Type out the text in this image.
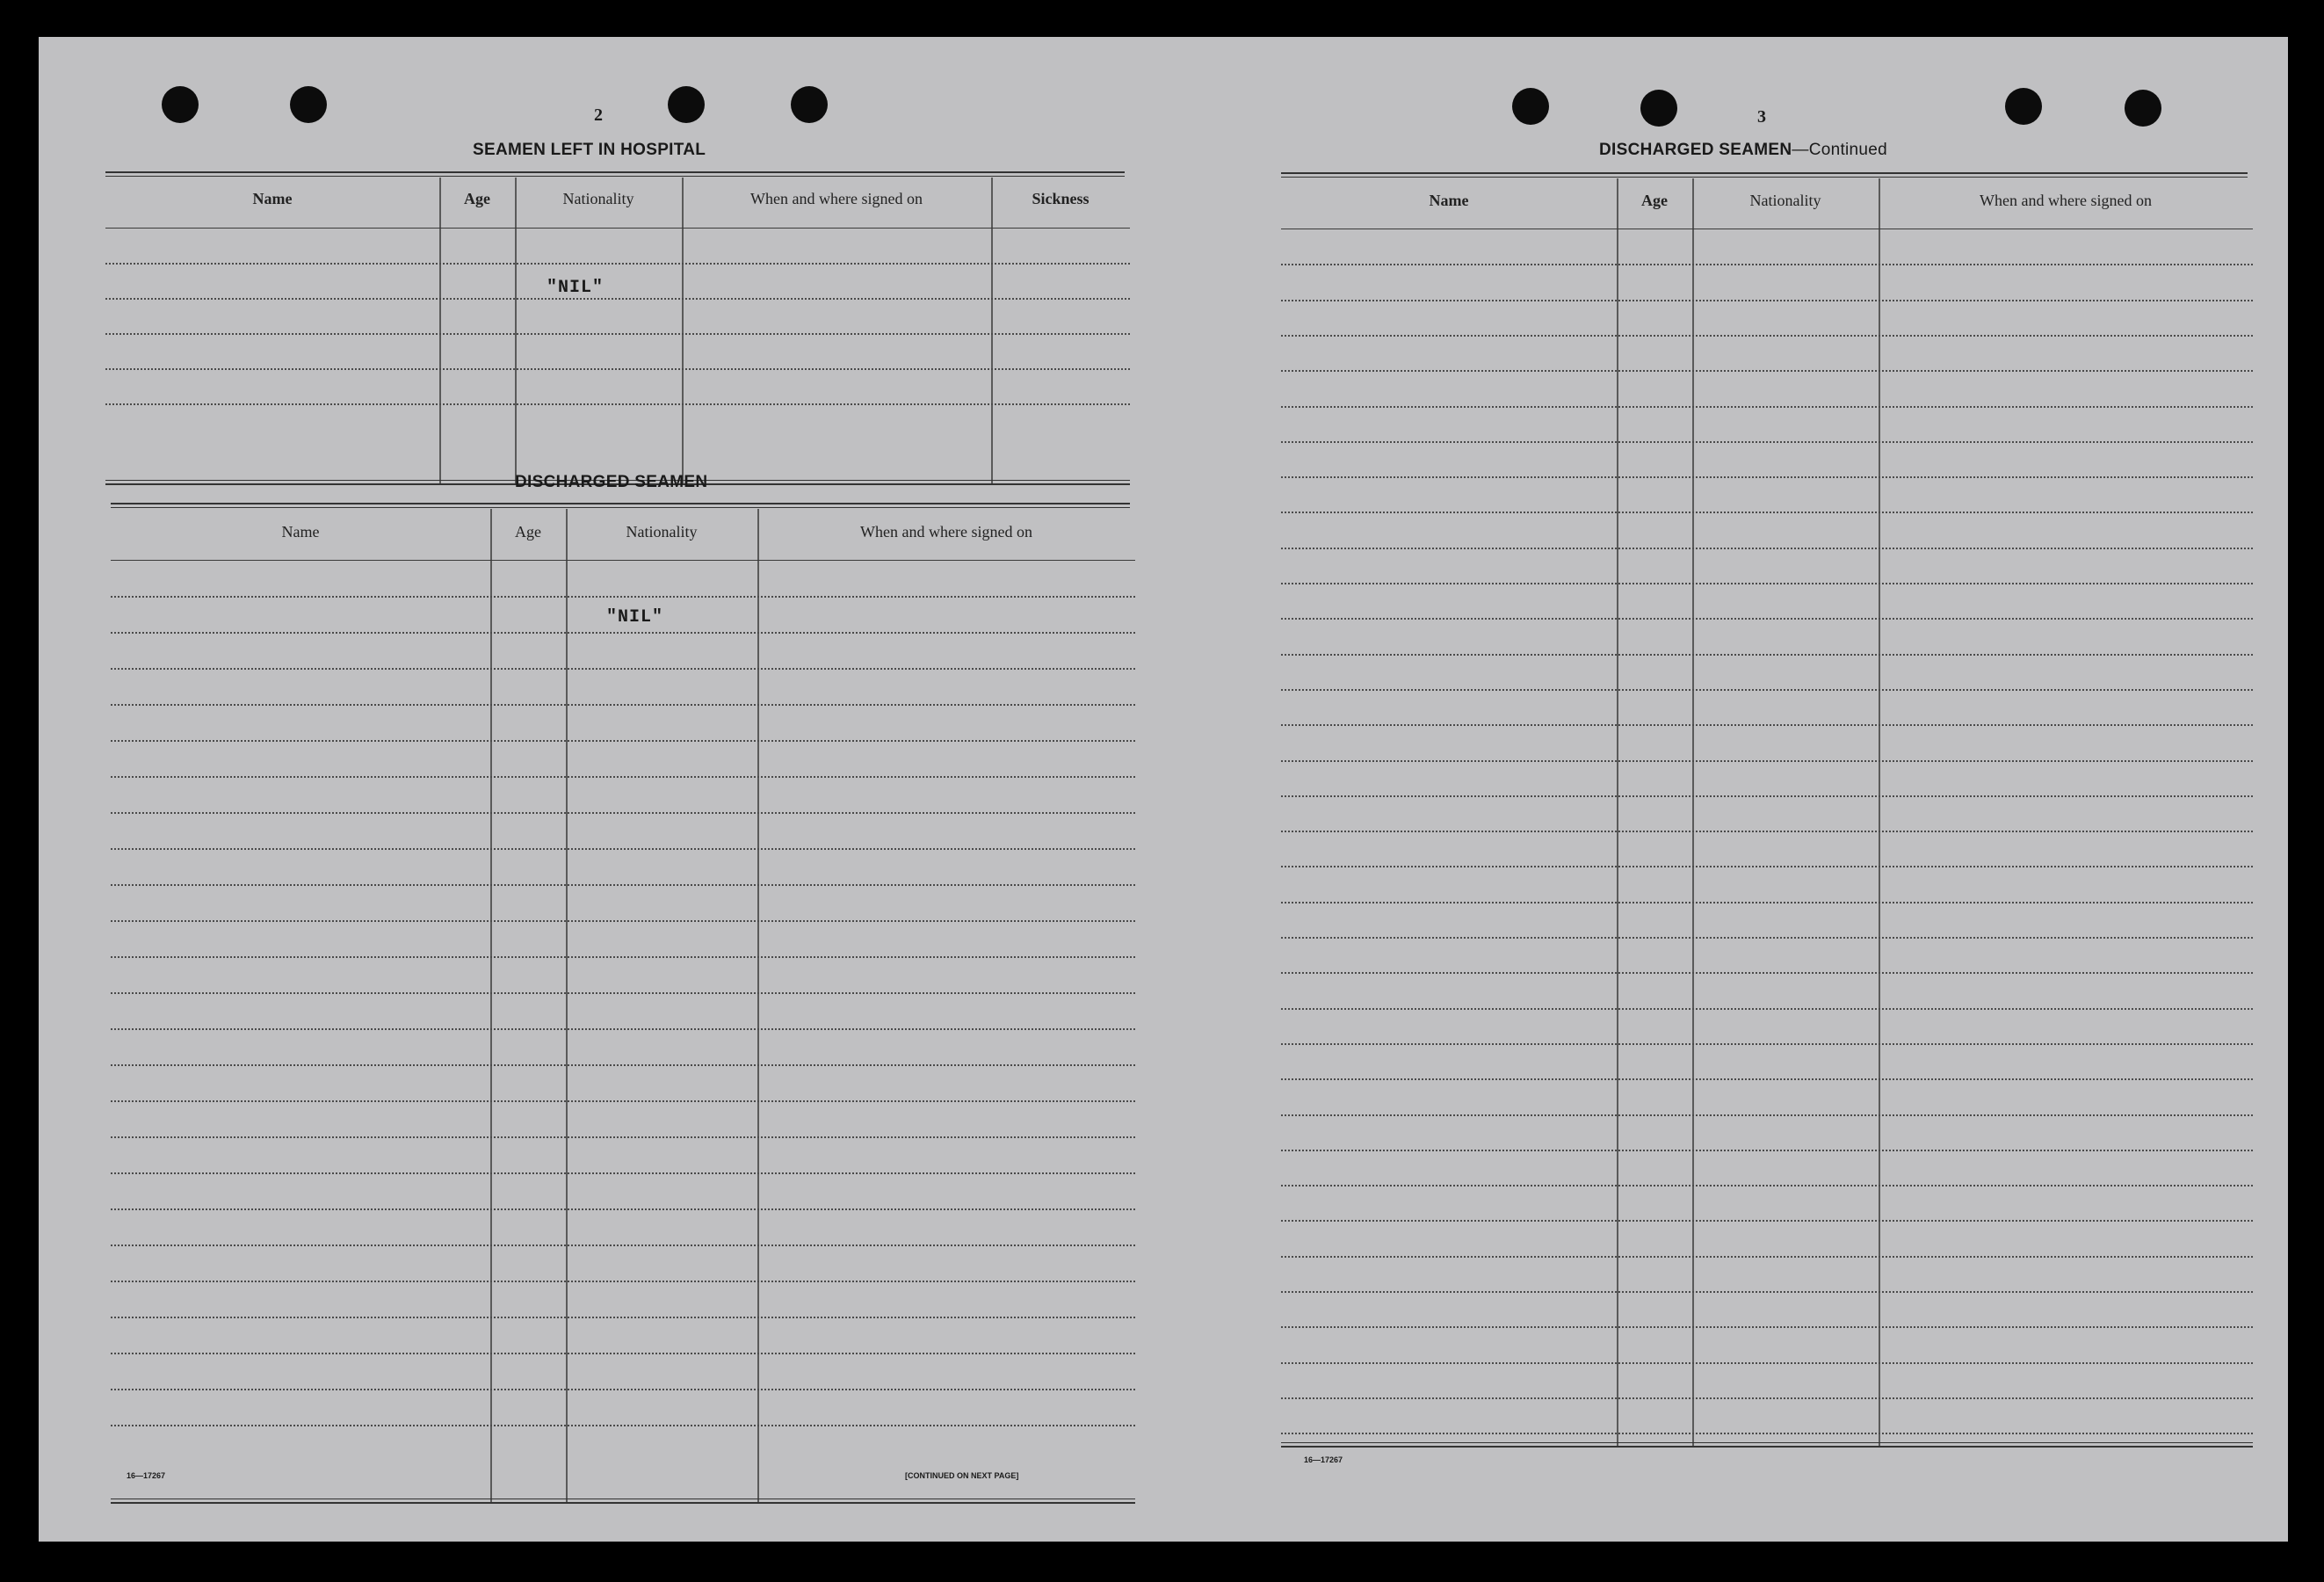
2
SEAMEN LEFT IN HOSPITAL
Name	Age	Nationality	When and where signed on	Sickness
"NIL"
DISCHARGED SEAMEN
Name	Age	Nationality	When and where signed on
"NIL"
16—17267	[CONTINUED ON NEXT PAGE]
3
DISCHARGED SEAMEN—Continued
Name	Age	Nationality	When and where signed on
16—17267
